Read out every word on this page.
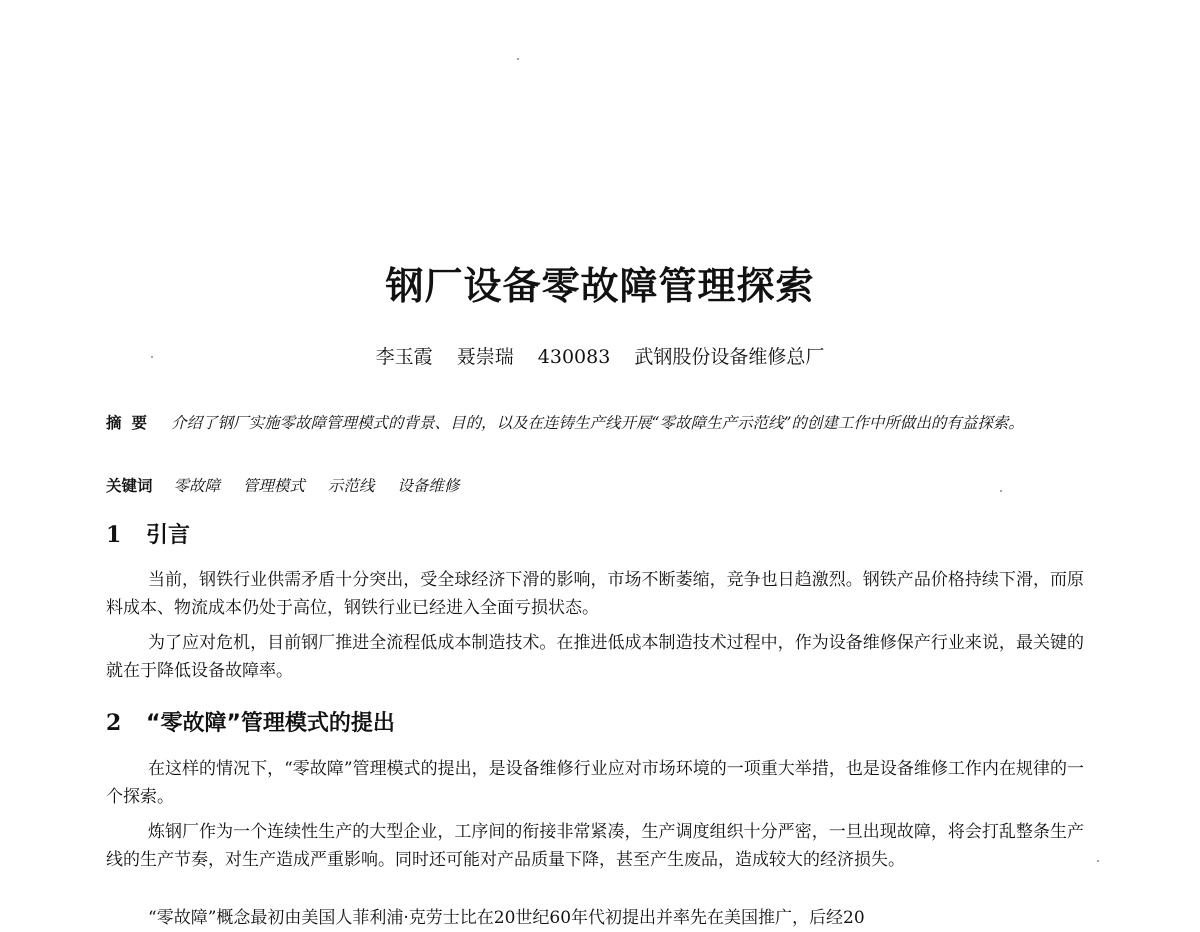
钢厂设备零故障管理探索
李玉霞 聂崇瑞 430083 武钢股份设备维修总厂
摘要 介绍了钢厂实施零故障管理模式的背景、目的，以及在连铸生产线开展“零故障生产示范线”的创建工作中所做出的有益探索。
关键词 零故障 管理模式 示范线 设备维修
1 引言

当前，钢铁行业供需矛盾十分突出，受全球经济下滑的影响，市场不断萎缩，竞争也日趋激烈。钢铁产品价格持续下滑，而原料成本、物流成本仍处于高位，钢铁行业已经进入全面亏损状态。

为了应对危机，目前钢厂推进全流程低成本制造技术。在推进低成本制造技术过程中，作为设备维修保产行业来说，最关键的就在于降低设备故障率。

2 “零故障”管理模式的提出

在这样的情况下，“零故障”管理模式的提出，是设备维修行业应对市场环境的一项重大举措，也是设备维修工作内在规律的一个探索。

炼钢厂作为一个连续性生产的大型企业，工序间的衔接非常紧凑，生产调度组织十分严密，一旦出现故障，将会打乱整条生产线的生产节奏，对生产造成严重影响。同时还可能对产品质量下降，甚至产生废品，造成较大的经济损失。

“零故障”概念最初由美国人菲利浦·克劳士比在20世纪60年代初提出并率先在美国推广，后经20
